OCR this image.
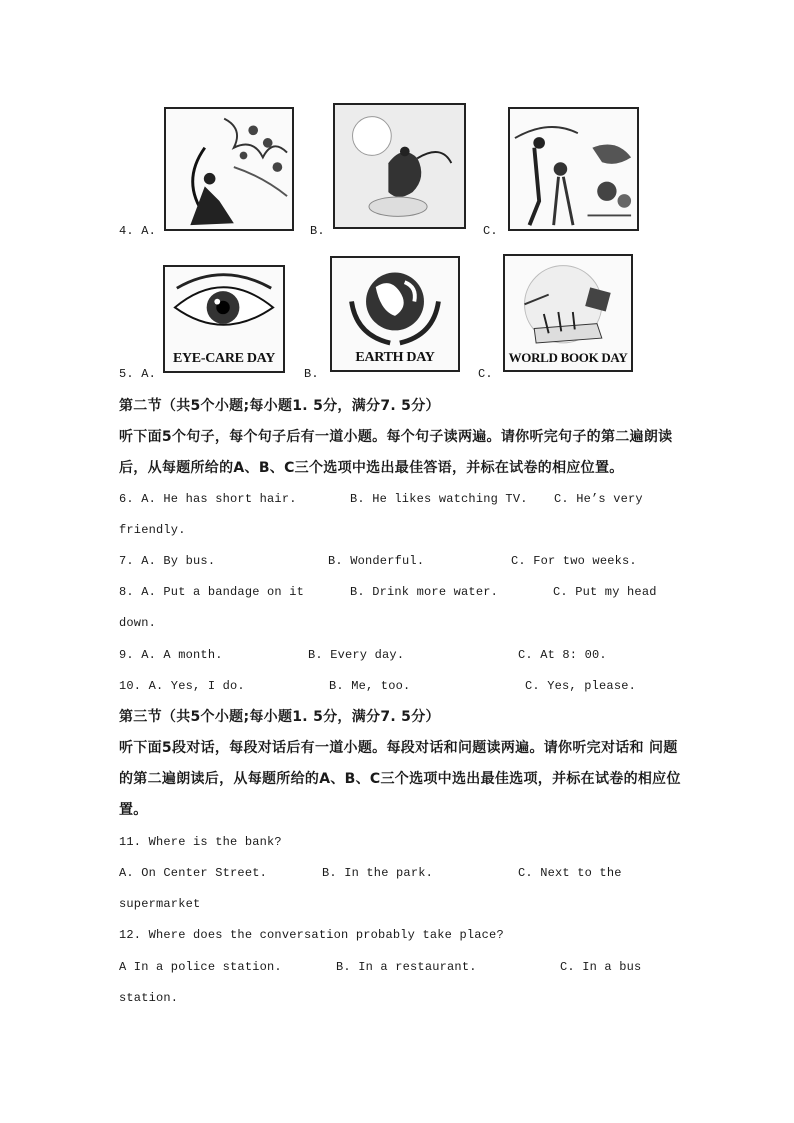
4. A.	B.	C.
5. A.
EYE-CARE DAY
B.
EARTH DAY
C.
WORLD BOOK DAY
第二节（共5个小题;每小题1. 5分，满分7. 5分）
听下面5个句子，每个句子后有一道小题。每个句子读两遍。请你听完句子的第二遍朗读
后，从每题所给的A、B、C三个选项中选出最佳答语，并标在试卷的相应位置。
6. A. He has short hair.	B. He likes watching TV. C. He’s very
friendly.
7. A. By bus.	B. Wonderful.	C. For two weeks.
8. A. Put a bandage on it	B. Drink more water.	C. Put my head
down.
9. A. A month.	B. Every day.	C. At 8: 00.
10. A. Yes, I do.	B. Me, too.	C. Yes, please.
第三节（共5个小题;每小题1. 5分，满分7. 5分）
听下面5段对话，每段对话后有一道小题。每段对话和问题读两遍。请你听完对话和 问题
的第二遍朗读后，从每题所给的A、B、C三个选项中选出最佳选项，并标在试卷的相应位
置。
11. Where is the bank?
A. On Center Street.	B. In the park.	C. Next to the
supermarket
12. Where does the conversation probably take place?
A In a police station.	B. In a restaurant.	C. In a bus
station.
